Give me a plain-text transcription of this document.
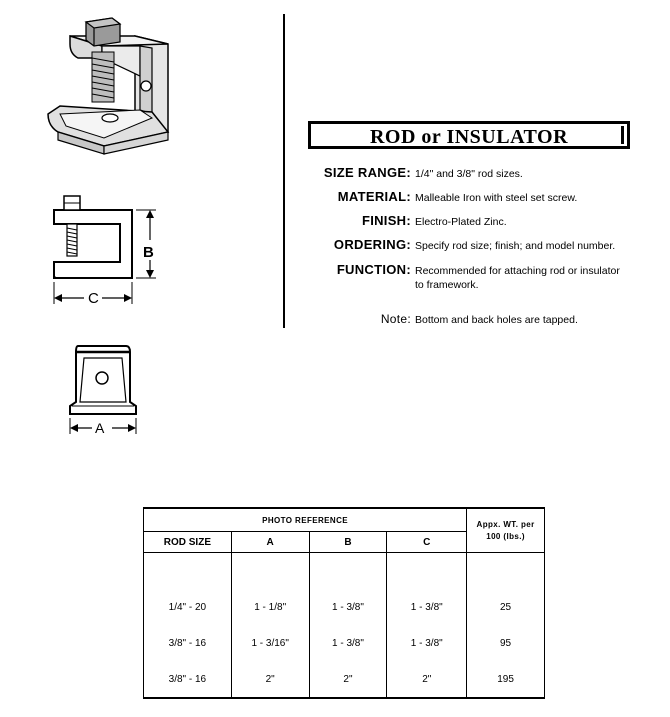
B
C
A
ROD or INSULATOR
SIZE RANGE: 1/4" and 3/8" rod sizes.
MATERIAL: Malleable Iron with steel set screw.
FINISH: Electro-Plated Zinc.
ORDERING: Specify rod size; finish; and model number.
FUNCTION: Recommended for attaching rod or insulator
to framework.
Note: Bottom and back holes are tapped.
PHOTO REFERENCE				Appx. WT. per
100 (lbs.)

ROD SIZE	A	B	C	
1/4" - 20	1 - 1/8"	1 - 3/8"	1 - 3/8"	25
3/8" - 16	1 - 3/16"	1 - 3/8"	1 - 3/8"	95
3/8" - 16	2"	2"	2"	195
